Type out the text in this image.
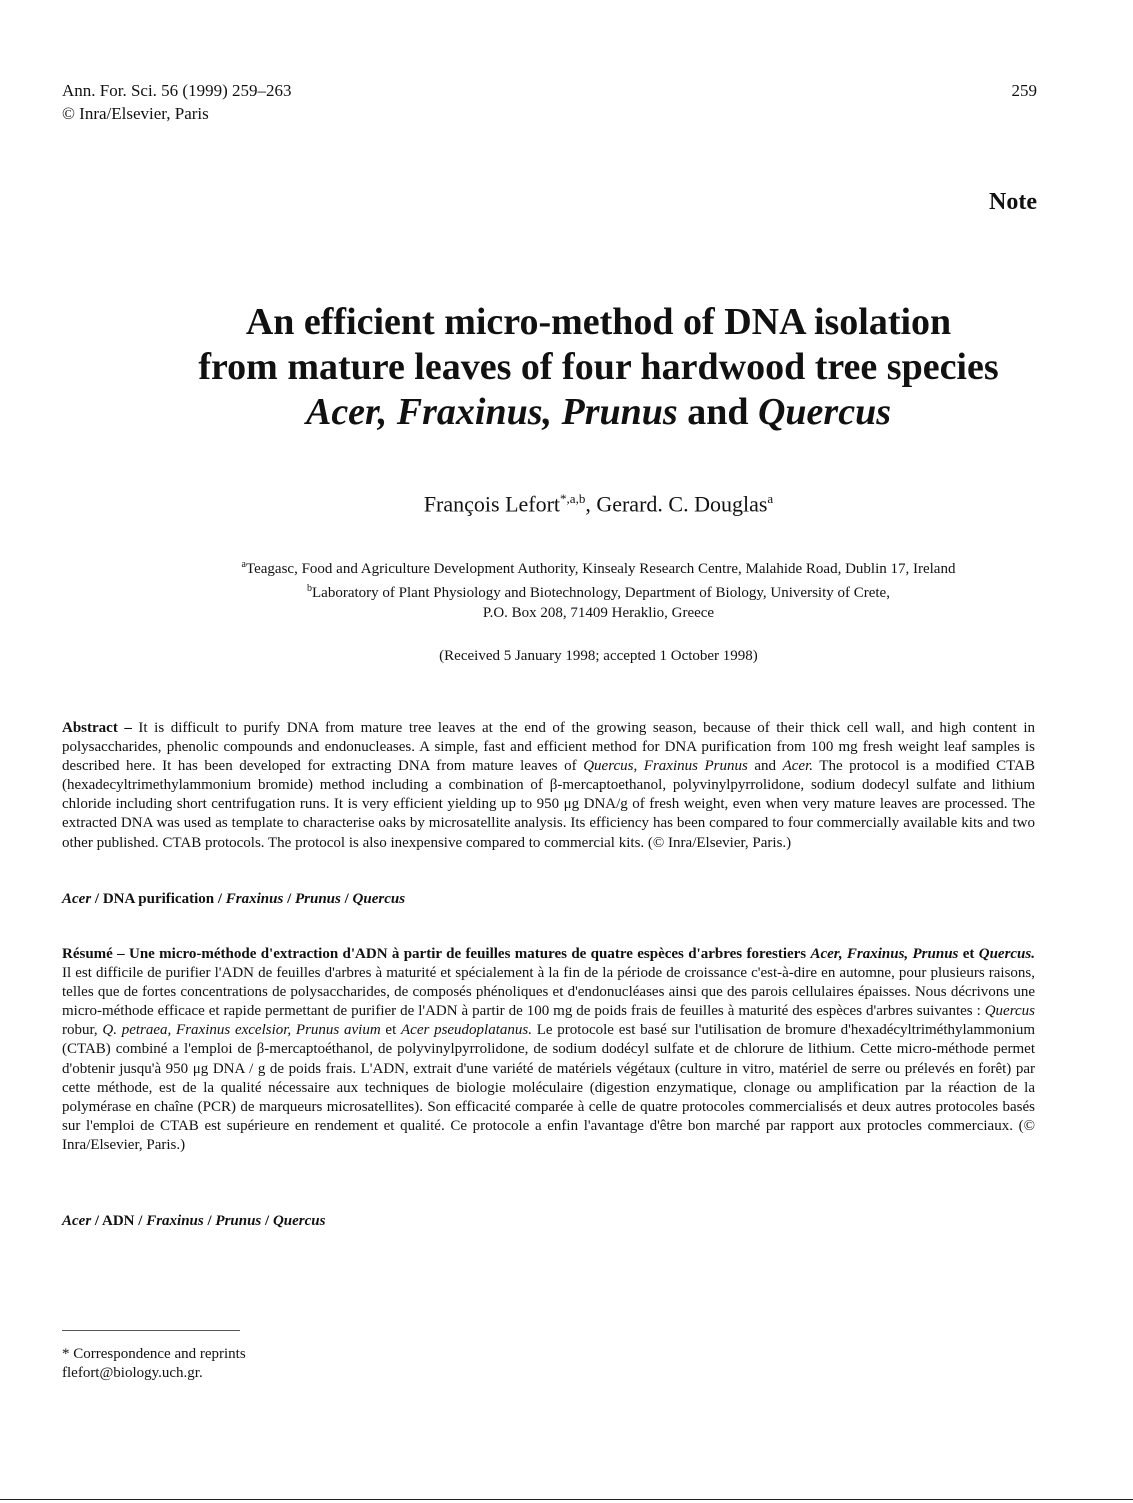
Ann. For. Sci. 56 (1999) 259–263
© Inra/Elsevier, Paris
259
Note
An efficient micro-method of DNA isolation
from mature leaves of four hardwood tree species
Acer, Fraxinus, Prunus and Quercus
François Lefort$^{*,a,b}$, Gerard. C. Douglas$^a$
$^a$Teagasc, Food and Agriculture Development Authority, Kinsealy Research Centre, Malahide Road, Dublin 17, Ireland
$^b$Laboratory of Plant Physiology and Biotechnology, Department of Biology, University of Crete,
P.O. Box 208, 71409 Heraklio, Greece
(Received 5 January 1998; accepted 1 October 1998)
Abstract – It is difficult to purify DNA from mature tree leaves at the end of the growing season, because of their thick cell wall, and high content in polysaccharides, phenolic compounds and endonucleases. A simple, fast and efficient method for DNA purification from 100 mg fresh weight leaf samples is described here. It has been developed for extracting DNA from mature leaves of Quercus, Fraxinus Prunus and Acer. The protocol is a modified CTAB (hexadecyltrimethylammonium bromide) method including a combination of β-mercaptoethanol, polyvinylpyrrolidone, sodium dodecyl sulfate and lithium chloride including short centrifugation runs. It is very efficient yielding up to 950 μg DNA/g of fresh weight, even when very mature leaves are processed. The extracted DNA was used as template to characterise oaks by microsatellite analysis. Its efficiency has been compared to four commercially available kits and two other published. CTAB protocols. The protocol is also inexpensive compared to commercial kits. (© Inra/Elsevier, Paris.)
Acer / DNA purification / Fraxinus / Prunus / Quercus
Résumé – Une micro-méthode d'extraction d'ADN à partir de feuilles matures de quatre espèces d'arbres forestiers Acer, Fraxinus, Prunus et Quercus. Il est difficile de purifier l'ADN de feuilles d'arbres à maturité et spécialement à la fin de la période de croissance c'est-à-dire en automne, pour plusieurs raisons, telles que de fortes concentrations de polysaccharides, de composés phénoliques et d'endonucléases ainsi que des parois cellulaires épaisses. Nous décrivons une micro-méthode efficace et rapide permettant de purifier de l'ADN à partir de 100 mg de poids frais de feuilles à maturité des espèces d'arbres suivantes : Quercus robur, Q. petraea, Fraxinus excelsior, Prunus avium et Acer pseudoplatanus. Le protocole est basé sur l'utilisation de bromure d'hexadécyltriméthylammonium (CTAB) combiné a l'emploi de β-mercaptoéthanol, de polyvinylpyrrolidone, de sodium dodécyl sulfate et de chlorure de lithium. Cette micro-méthode permet d'obtenir jusqu'à 950 μg DNA / g de poids frais. L'ADN, extrait d'une variété de matériels végétaux (culture in vitro, matériel de serre ou prélevés en forêt) par cette méthode, est de la qualité nécessaire aux techniques de biologie moléculaire (digestion enzymatique, clonage ou amplification par la réaction de la polymérase en chaîne (PCR) de marqueurs microsatellites). Son efficacité comparée à celle de quatre protocoles commercialisés et deux autres protocoles basés sur l'emploi de CTAB est supérieure en rendement et qualité. Ce protocole a enfin l'avantage d'être bon marché par rapport aux protocles commerciaux. (© Inra/Elsevier, Paris.)
Acer / ADN / Fraxinus / Prunus / Quercus
* Correspondence and reprints
flefort@biology.uch.gr.
